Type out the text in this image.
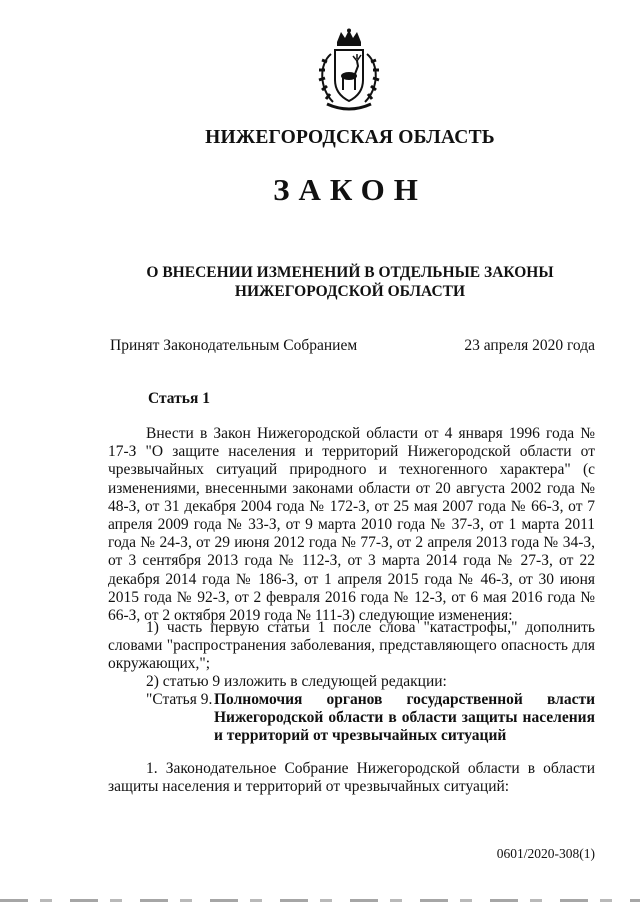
НИЖЕГОРОДСКАЯ ОБЛАСТЬ
ЗАКОН
О ВНЕСЕНИИ ИЗМЕНЕНИЙ В ОТДЕЛЬНЫЕ ЗАКОНЫ
НИЖЕГОРОДСКОЙ ОБЛАСТИ
Принят Законодательным Собранием	23 апреля 2020 года
Статья 1
Внести в Закон Нижегородской области от 4 января 1996 года № 17-З "О защите населения и территорий Нижегородской области от чрезвычайных ситуаций природного и техногенного характера" (с изменениями, внесенными законами области от 20 августа 2002 года № 48-З, от 31 декабря 2004 года № 172-З, от 25 мая 2007 года № 66-З, от 7 апреля 2009 года № 33-З, от 9 марта 2010 года № 37-З, от 1 марта 2011 года № 24-З, от 29 июня 2012 года № 77-З, от 2 апреля 2013 года № 34-З, от 3 сентября 2013 года № 112-З, от 3 марта 2014 года № 27-З, от 22 декабря 2014 года № 186-З, от 1 апреля 2015 года № 46-З, от 30 июня 2015 года № 92-З, от 2 февраля 2016 года № 12-З, от 6 мая 2016 года № 66-З, от 2 октября 2019 года № 111-З) следующие изменения:
1) часть первую статьи 1 после слова "катастрофы," дополнить словами "распространения заболевания, представляющего опасность для окружающих,";
2) статью 9 изложить в следующей редакции:
"Статья 9. Полномочия органов государственной власти Нижегородской области в области защиты населения и территорий от чрезвычайных ситуаций
1. Законодательное Собрание Нижегородской области в области защиты населения и территорий от чрезвычайных ситуаций:
0601/2020-308(1)
